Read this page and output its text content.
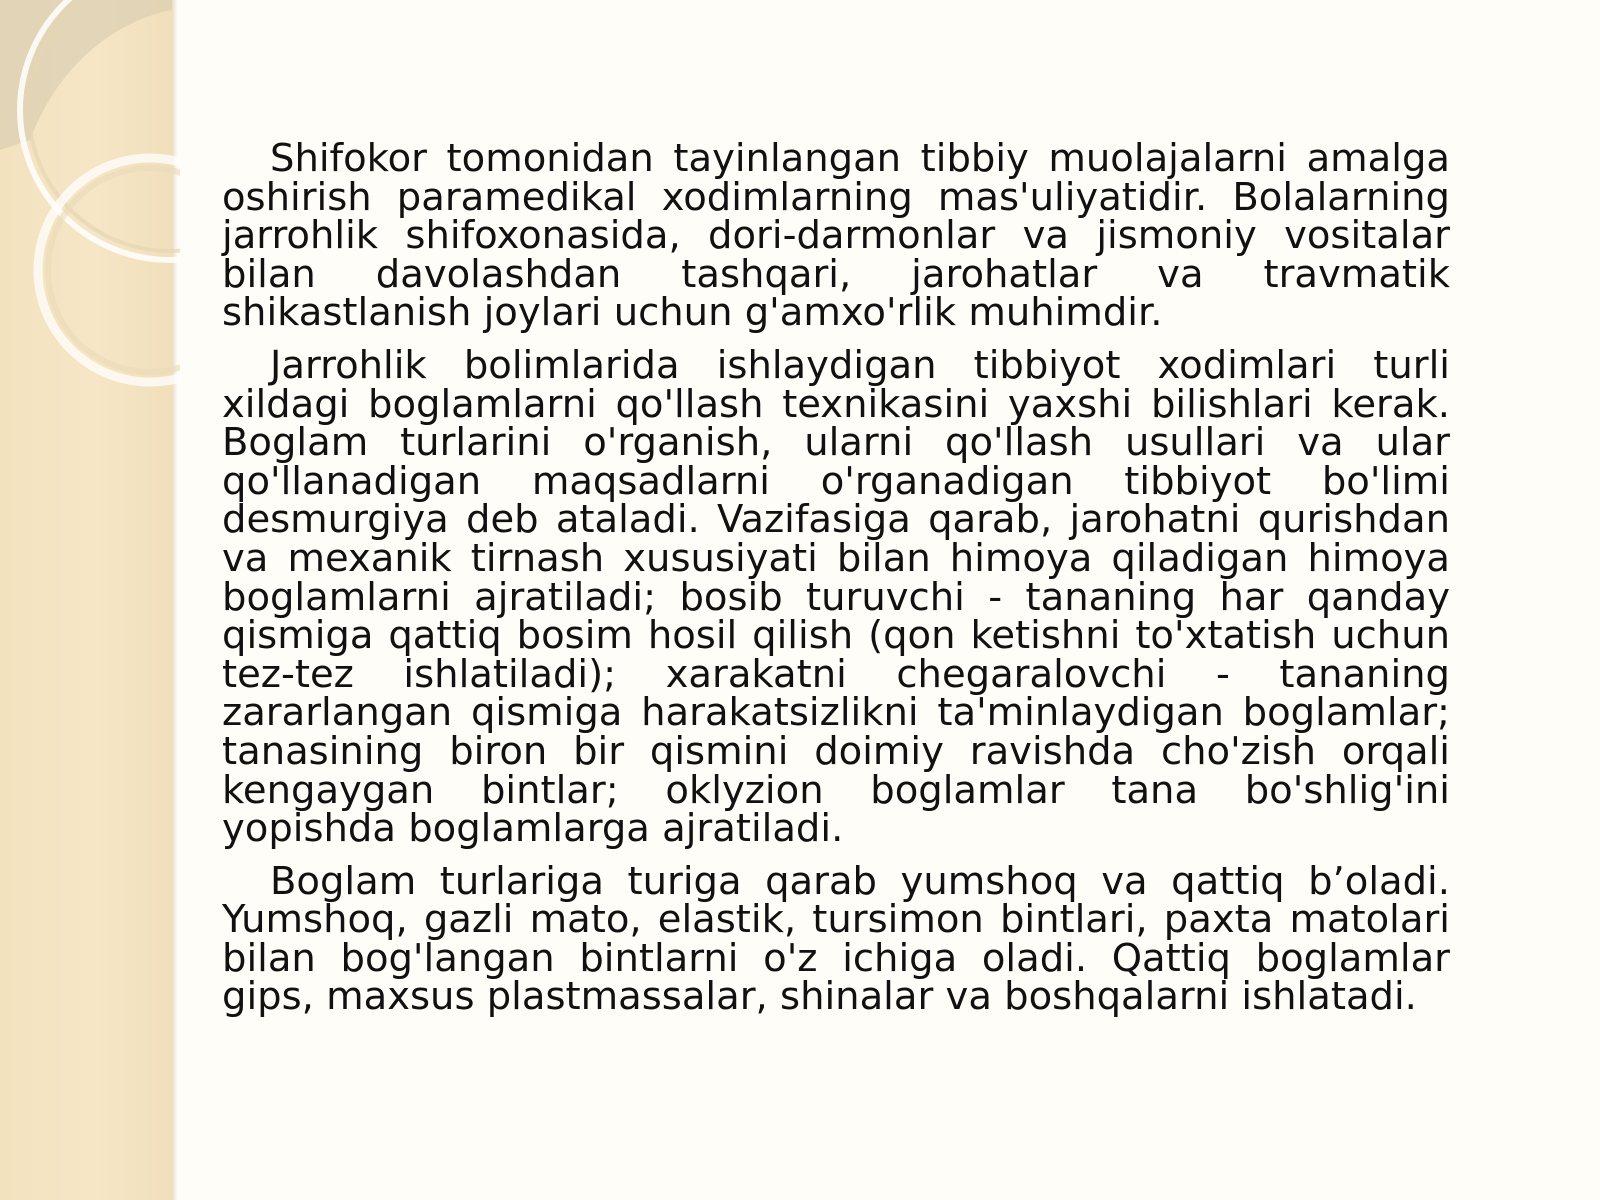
Shifokor tomonidan tayinlangan tibbiy muolajalarni amalga oshirish paramedikal xodimlarning mas'uliyatidir. Bolalarning jarrohlik shifoxonasida, dori-darmonlar va jismoniy vositalar bilan davolashdan tashqari, jarohatlar va travmatik shikastlanish joylari uchun g'amxo'rlik muhimdir.

Jarrohlik bolimlarida ishlaydigan tibbiyot xodimlari turli xildagi boglamlarni qo'llash texnikasini yaxshi bilishlari kerak. Boglam turlarini o'rganish, ularni qo'llash usullari va ular qo'llanadigan maqsadlarni o'rganadigan tibbiyot bo'limi desmurgiya deb ataladi. Vazifasiga qarab, jarohatni qurishdan va mexanik tirnash xususiyati bilan himoya qiladigan himoya boglamlarni ajratiladi; bosib turuvchi - tananing har qanday qismiga qattiq bosim hosil qilish (qon ketishni to'xtatish uchun tez-tez ishlatiladi); xarakatni chegaralovchi - tananing zararlangan qismiga harakatsizlikni ta'minlaydigan boglamlar; tanasining biron bir qismini doimiy ravishda cho'zish orqali kengaygan bintlar; oklyzion boglamlar tana bo'shlig'ini yopishda boglamlarga ajratiladi.

Boglam turlariga turiga qarab yumshoq va qattiq b’oladi. Yumshoq, gazli mato, elastik, tursimon bintlari, paxta matolari bilan bog'langan bintlarni o'z ichiga oladi. Qattiq boglamlar gips, maxsus plastmassalar, shinalar va boshqalarni ishlatadi.
